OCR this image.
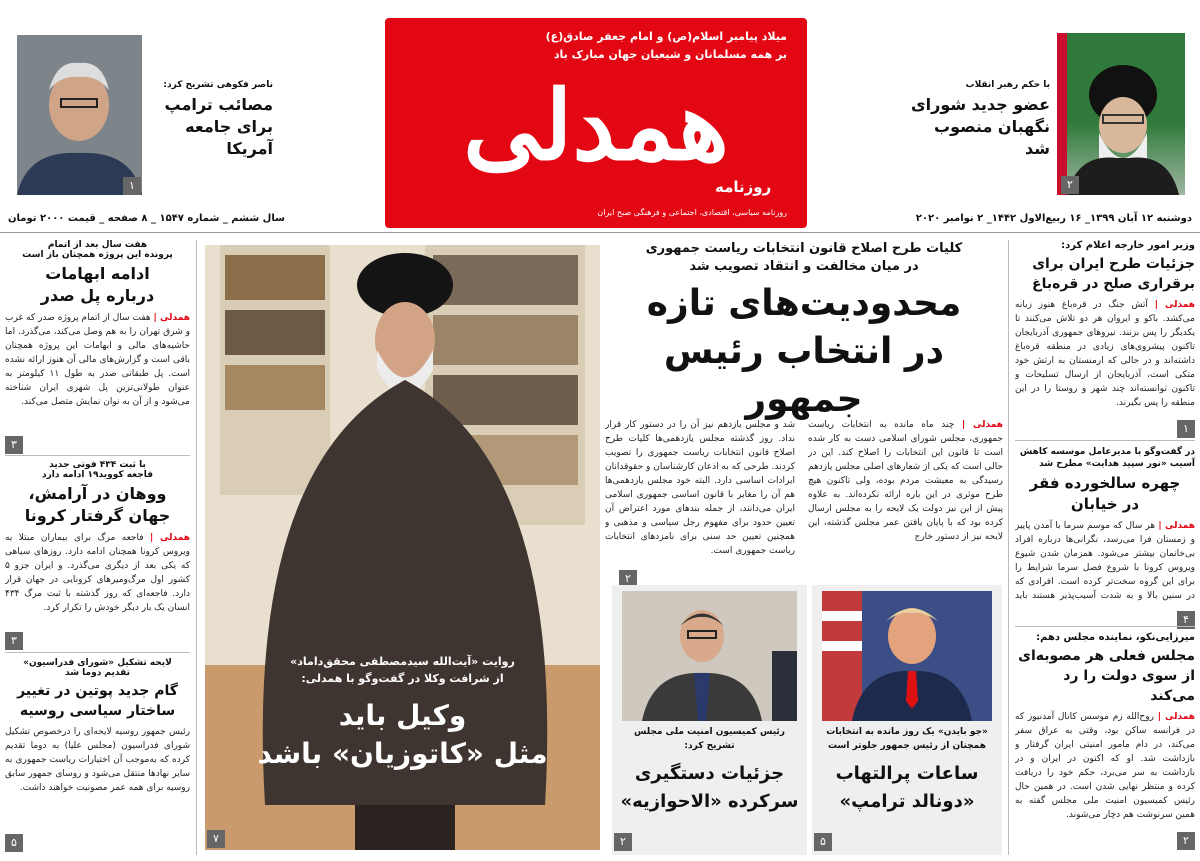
۲
با حکم رهبر انقلاب
عضو جدید شورای
نگهبان منصوب شد
۱
ناصر فکوهی تشریح کرد:
مصائب ترامپ
برای جامعه آمریکا
میلاد پیامبر اسلام(ص) و امام جعفر صادق(ع)
بر همه مسلمانان و شیعیان جهان مبارک باد
همدلی
روزنامه
روزنامه سیاسی، اقتصادی، اجتماعی و فرهنگی صبح ایران
دوشنبه ۱۲ آبان ۱۳۹۹_ ۱۶ ربیع‌الاول ۱۴۴۲_ ۲ نوامبر ۲۰۲۰
سال ششم _ شماره ۱۵۴۷ _ ۸ صفحه _ قیمت ۲۰۰۰ تومان
وزیر امور خارجه اعلام کرد:
جزئیات طرح ایران برای
برقراری صلح در قره‌باغ
همدلی | آتش جنگ در قره‌باغ هنوز زبانه می‌کشد. باکو و ایروان هر دو تلاش می‌کنند تا یکدیگر را پس بزنند. نیروهای جمهوری آذربایجان تاکنون پیشروی‌های زیادی در منطقه قره‌باغ داشته‌اند و در حالی که ارمنستان به ارتش خود متکی است، آذربایجان از ارسال تسلیحات و تاکنون توانسته‌اند چند شهر و روستا را در این منطقه را پس بگیرند.
۱
در گفت‌وگو با مدیرعامل موسسه کاهش آسیب «نور سپید هدایت» مطرح شد
چهره سالخورده فقر
در خیابان
همدلی | هر سال که موسم سرما با آمدن پاییز و زمستان فرا می‌رسد، نگرانی‌ها درباره افراد بی‌خانمان بیشتر می‌شود. همزمان شدن شیوع ویروس کرونا با شروع فصل سرما شرایط را برای این گروه سخت‌تر کرده است. افرادی که در سنین بالا و به شدت آسیب‌پذیر هستند باید
۴
میرزایی‌نکو، نماینده مجلس دهم:
مجلس فعلی هر مصوبه‌ای
از سوی دولت را رد می‌کند
همدلی | روح‌الله زم موسس کانال آمدنیوز که در فرانسه ساکن بود، وقتی به عراق سفر می‌کند، در دام مامور امنیتی ایران گرفتار و بازداشت شد. او که اکنون در ایران و در بازداشت به سر می‌برد، حکم خود را دریافت کرده و منتظر نهایی شدن است. در همین حال رئیس کمیسیون امنیت ملی مجلس گفته به همین سرنوشت هم دچار می‌شوند.
۲
کلیات طرح اصلاح قانون انتخابات ریاست جمهوری
در میان مخالفت و انتقاد تصویب شد
محدودیت‌های تازه
در انتخاب رئیس جمهور
همدلی | چند ماه مانده به انتخابات ریاست جمهوری، مجلس شورای اسلامی دست به کار شده است تا قانون این انتخابات را اصلاح کند. این در حالی است که یکی از شعارهای اصلی مجلس یازدهم رسیدگی به معیشت مردم بوده، ولی تاکنون هیچ طرح موثری در این باره ارائه نکرده‌اند. به علاوه پیش از این نیز دولت یک لایحه را به مجلس ارسال کرده بود که با پایان یافتن عمر مجلس گذشته، این لایحه نیز از دستور خارج
شد و مجلس یازدهم نیز آن را در دستور کار قرار نداد. روز گذشته مجلس یازدهمی‌ها کلیات طرح اصلاح قانون انتخابات ریاست جمهوری را تصویب کردند. طرحی که به اذعان کارشناسان و حقوقدانان ایرادات اساسی دارد. البته خود مجلس یازدهمی‌ها هم آن را مغایر با قانون اساسی جمهوری اسلامی ایران می‌دانند، از جمله بندهای مورد اعتراض آن تعیین حدود برای مفهوم رجل سیاسی و مذهبی و همچنین تعیین حد سنی برای نامزدهای انتخابات ریاست جمهوری است.
۲
«جو بایدن» یک روز مانده به انتخابات
همچنان از رئیس جمهور جلوتر است
ساعات پرالتهاب
«دونالد ترامپ»
۵
رئیس کمیسیون امنیت ملی مجلس
تشریح کرد:
جزئیات دستگیری
سرکرده «الاحوازیه»
۲
روایت «آیت‌الله سیدمصطفی محقق‌داماد»
از شرافت وکلا در گفت‌وگو با همدلی:
وکیل باید
مثل «کاتوزیان» باشد
۷
هفت سال بعد از اتمام
پرونده این پروژه همچنان باز است
ادامه ابهامات
درباره پل صدر
همدلی | هفت سال از اتمام پروژه صدر که غرب و شرق تهران را به هم وصل می‌کند، می‌گذرد. اما حاشیه‌های مالی و ابهامات این پروژه همچنان باقی است و گزارش‌های مالی آن هنوز ارائه نشده است. پل طبقاتی صدر به طول ۱۱ کیلومتر به عنوان طولانی‌ترین پل شهری ایران شناخته می‌شود و از آن به نوان نمایش متصل می‌کند.
۳
با ثبت ۴۳۴ فوتی جدید
فاجعه کووید۱۹ ادامه دارد
ووهان در آرامش،
جهان گرفتار کرونا
همدلی | فاجعه مرگ برای بیماران مبتلا به ویروس کرونا همچنان ادامه دارد. روزهای سیاهی که یکی بعد از دیگری می‌گذرد. و ایران جزو ۵ کشور اول مرگ‌ومیرهای کرونایی در جهان قرار دارد. فاجعه‌ای که روز گذشته با ثبت مرگ ۴۳۴ انسان یک بار دیگر خودش را تکرار کرد.
۳
لایحه تشکیل «شورای فدراسیون»
تقدیم دوما شد
گام جدید پوتین در تغییر
ساختار سیاسی روسیه
رئیس جمهور روسیه لایحه‌ای را درخصوص تشکیل شورای فدراسیون (مجلس علیا) به دوما تقدیم کرده که به‌موجب آن اختیارات ریاست جمهوری به سایر نهادها منتقل می‌شود و روسای جمهور سابق روسیه برای همه عمر مصونیت خواهند داشت.
۵
